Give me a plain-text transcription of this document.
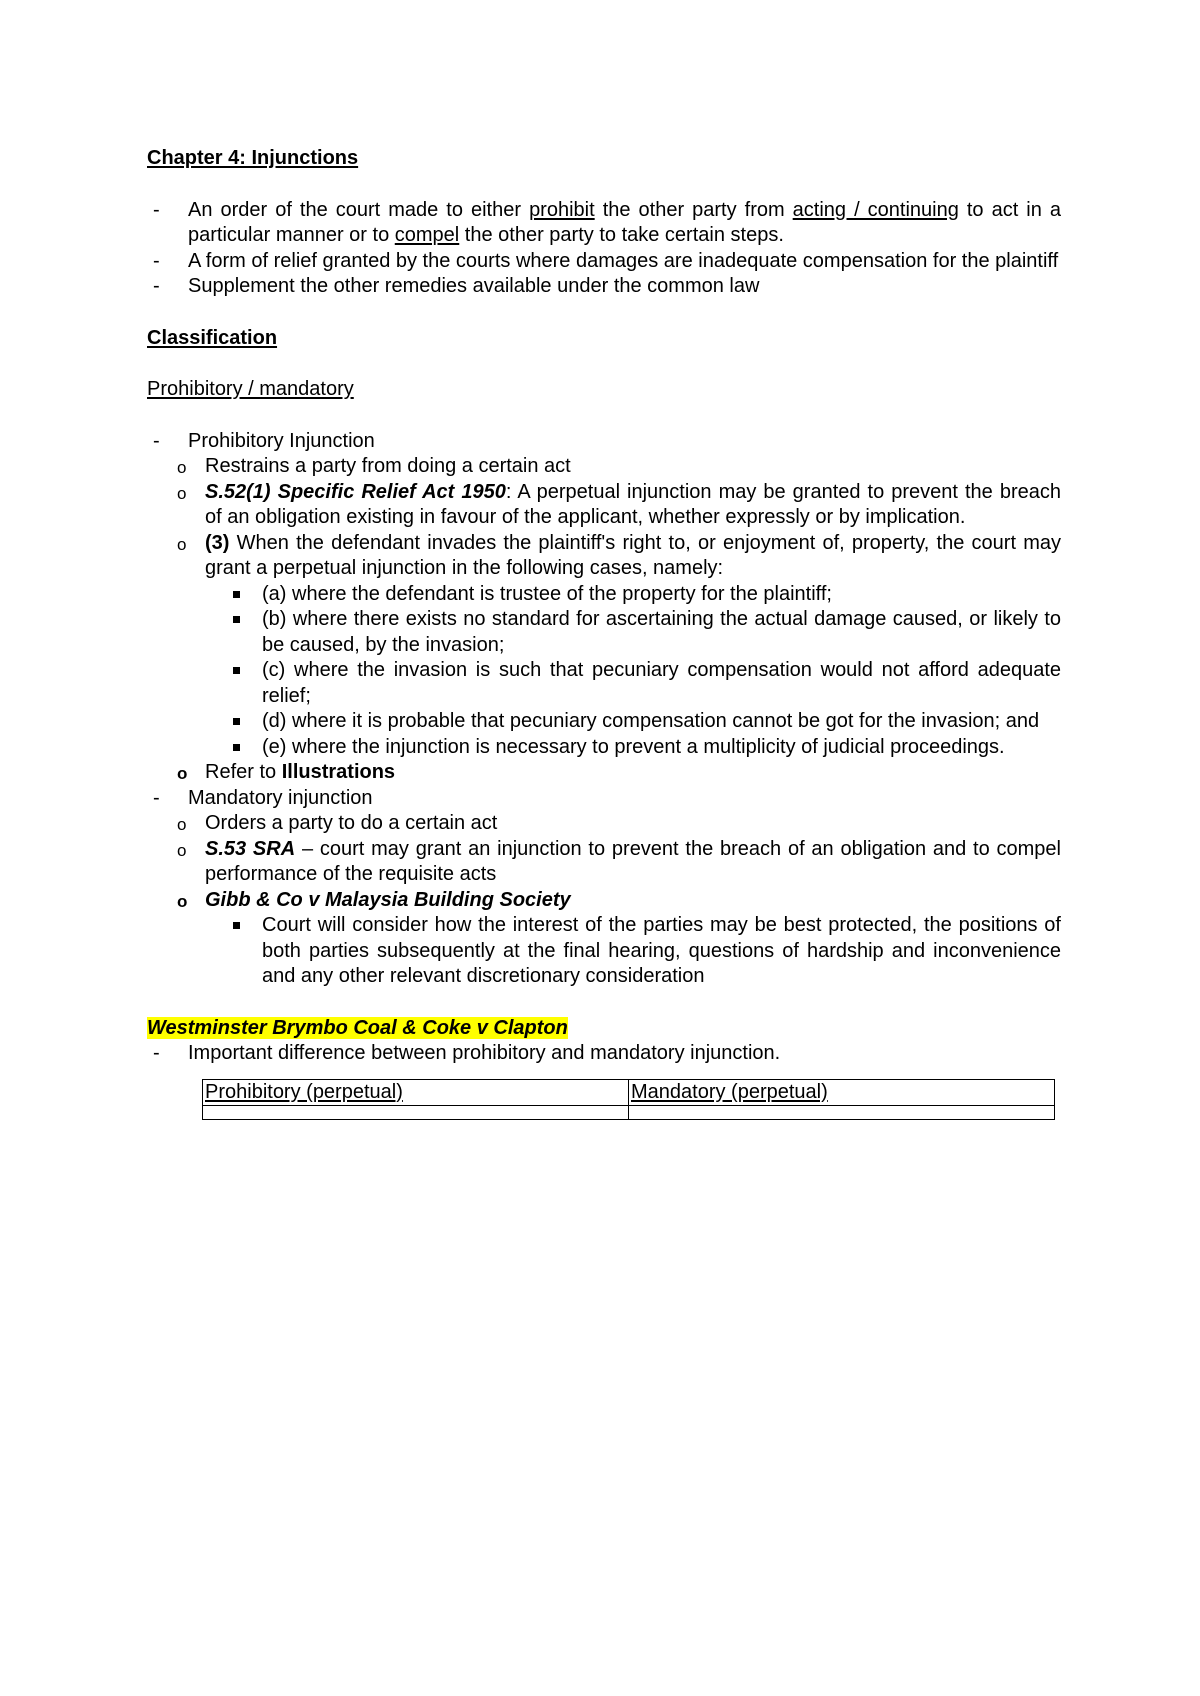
Chapter 4: Injunctions

- An order of the court made to either prohibit the other party from acting / continuing to act in a particular manner or to compel the other party to take certain steps.
- A form of relief granted by the courts where damages are inadequate compensation for the plaintiff
- Supplement the other remedies available under the common law

Classification

Prohibitory / mandatory

- Prohibitory Injunction
o Restrains a party from doing a certain act
o S.52(1) Specific Relief Act 1950: A perpetual injunction may be granted to prevent the breach of an obligation existing in favour of the applicant, whether expressly or by implication.
o (3) When the defendant invades the plaintiff's right to, or enjoyment of, property, the court may grant a perpetual injunction in the following cases, namely:
(a) where the defendant is trustee of the property for the plaintiff;
(b) where there exists no standard for ascertaining the actual damage caused, or likely to be caused, by the invasion;
(c) where the invasion is such that pecuniary compensation would not afford adequate relief;
(d) where it is probable that pecuniary compensation cannot be got for the invasion; and
(e) where the injunction is necessary to prevent a multiplicity of judicial proceedings.
o Refer to Illustrations
- Mandatory injunction
o Orders a party to do a certain act
o S.53 SRA – court may grant an injunction to prevent the breach of an obligation and to compel performance of the requisite acts
o Gibb & Co v Malaysia Building Society
Court will consider how the interest of the parties may be best protected, the positions of both parties subsequently at the final hearing, questions of hardship and inconvenience and any other relevant discretionary consideration

Westminster Brymbo Coal & Coke v Clapton

- Important difference between prohibitory and mandatory injunction.
Prohibitory (perpetual)	Mandatory (perpetual)
